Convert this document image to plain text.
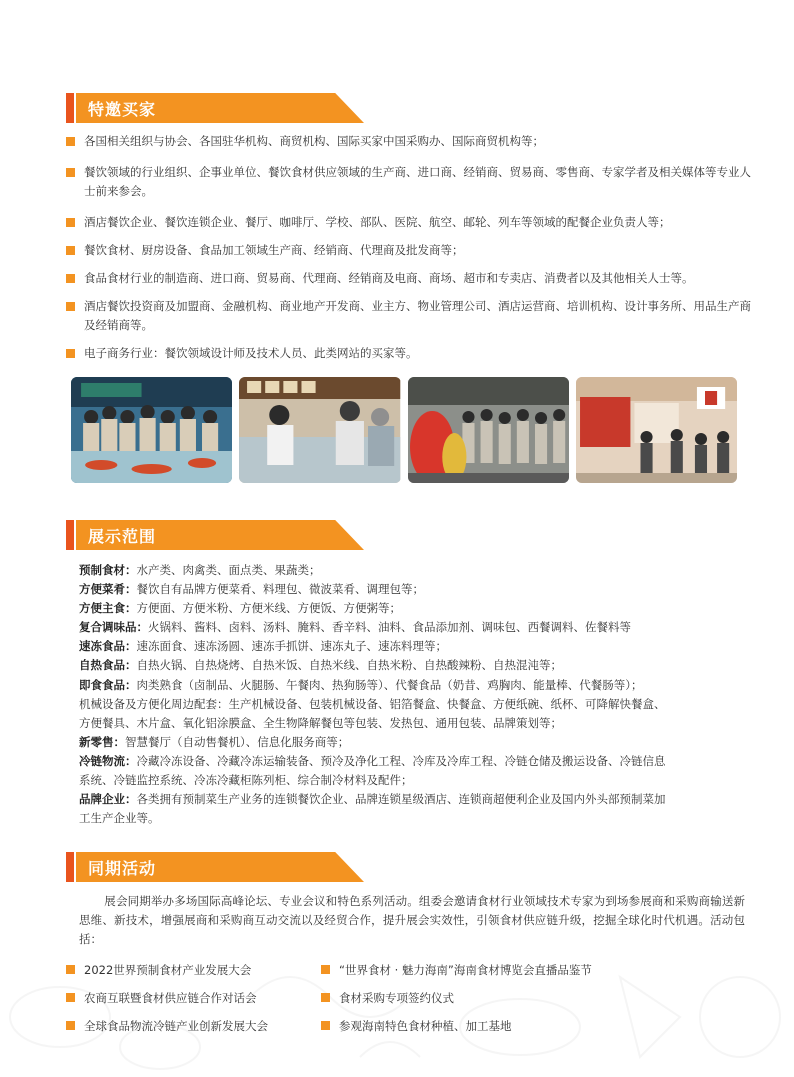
特邀买家
各国相关组织与协会、各国驻华机构、商贸机构、国际买家中国采购办、国际商贸机构等；
餐饮领域的行业组织、企事业单位、餐饮食材供应领域的生产商、进口商、经销商、贸易商、零售商、专家学者及相关媒体等专业人士前来参会。
酒店餐饮企业、餐饮连锁企业、餐厅、咖啡厅、学校、部队、医院、航空、邮轮、列车等领域的配餐企业负责人等；
餐饮食材、厨房设备、食品加工领域生产商、经销商、代理商及批发商等；
食品食材行业的制造商、进口商、贸易商、代理商、经销商及电商、商场、超市和专卖店、消费者以及其他相关人士等。
酒店餐饮投资商及加盟商、金融机构、商业地产开发商、业主方、物业管理公司、酒店运营商、培训机构、设计事务所、用品生产商及经销商等。
电子商务行业：餐饮领域设计师及技术人员、此类网站的买家等。
展示范围
预制食材：水产类、肉禽类、面点类、果蔬类；
方便菜肴：餐饮自有品牌方便菜肴、料理包、微波菜肴、调理包等；
方便主食：方便面、方便米粉、方便米线、方便饭、方便粥等；
复合调味品：火锅料、酱料、卤料、汤料、腌料、香辛料、油料、食品添加剂、调味包、西餐调料、佐餐料等
速冻食品：速冻面食、速冻汤圆、速冻手抓饼、速冻丸子、速冻料理等；
自热食品：自热火锅、自热烧烤、自热米饭、自热米线、自热米粉、自热酸辣粉、自热混沌等；
即食食品：肉类熟食（卤制品、火腿肠、午餐肉、热狗肠等）、代餐食品（奶昔、鸡胸肉、能量棒、代餐肠等）；
机械设备及方便化周边配套：生产机械设备、包装机械设备、铝箔餐盒、快餐盒、方便纸碗、纸杯、可降解快餐盒、
方便餐具、木片盒、氧化铝涂膜盒、全生物降解餐包等包装、发热包、通用包装、品牌策划等；
新零售：智慧餐厅（自动售餐机）、信息化服务商等；
冷链物流：冷藏冷冻设备、冷藏冷冻运输装备、预冷及净化工程、冷库及冷库工程、冷链仓储及搬运设备、冷链信息
系统、冷链监控系统、冷冻冷藏柜陈列柜、综合制冷材料及配件；
品牌企业：各类拥有预制菜生产业务的连锁餐饮企业、品牌连锁星级酒店、连锁商超便利企业及国内外头部预制菜加
工生产企业等。
同期活动
展会同期举办多场国际高峰论坛、专业会议和特色系列活动。组委会邀请食材行业领域技术专家为到场参展商和采购商输送新思维、新技术，增强展商和采购商互动交流以及经贸合作，提升展会实效性，引领食材供应链升级，挖掘全球化时代机遇。活动包括：
2022世界预制食材产业发展大会	“世界食材 · 魅力海南”海南食材博览会直播品鉴节
农商互联暨食材供应链合作对话会	食材采购专项签约仪式
全球食品物流冷链产业创新发展大会	参观海南特色食材种植、加工基地
